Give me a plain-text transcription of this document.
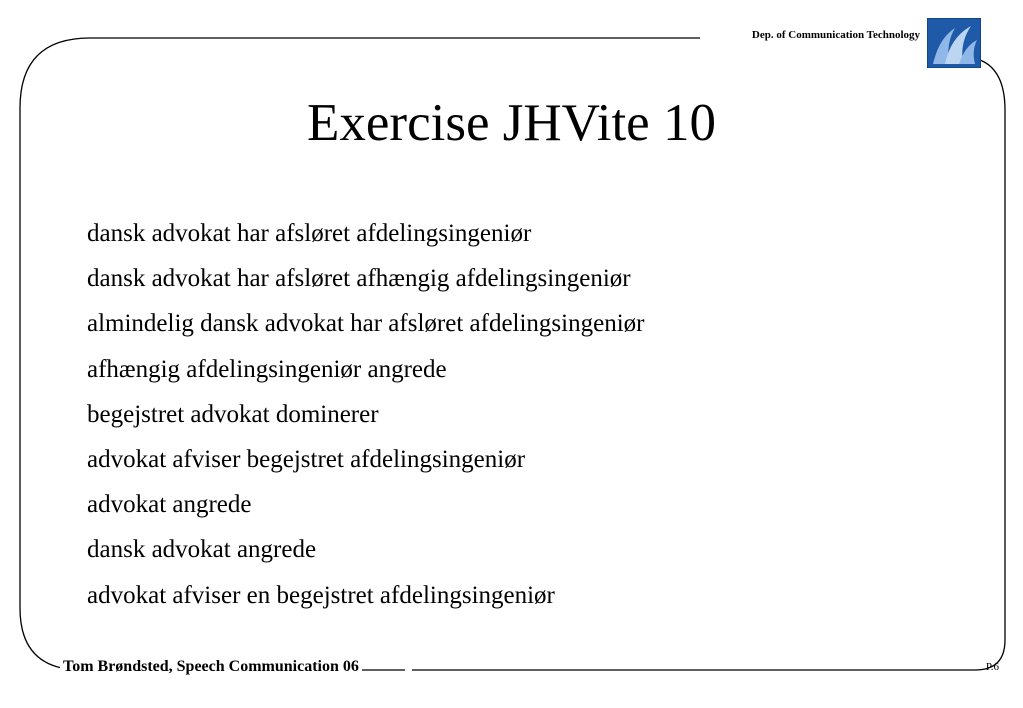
Dep. of Communication Technology
Exercise JHVite 10
dansk advokat har afsløret afdelingsingeniør
dansk advokat har afsløret afhængig afdelingsingeniør
almindelig dansk advokat har afsløret afdelingsingeniør
afhængig afdelingsingeniør angrede
begejstret advokat dominerer
advokat afviser begejstret afdelingsingeniør
advokat angrede
dansk advokat angrede
advokat afviser en begejstret afdelingsingeniør
Tom Brøndsted, Speech Communication 06	P.6
